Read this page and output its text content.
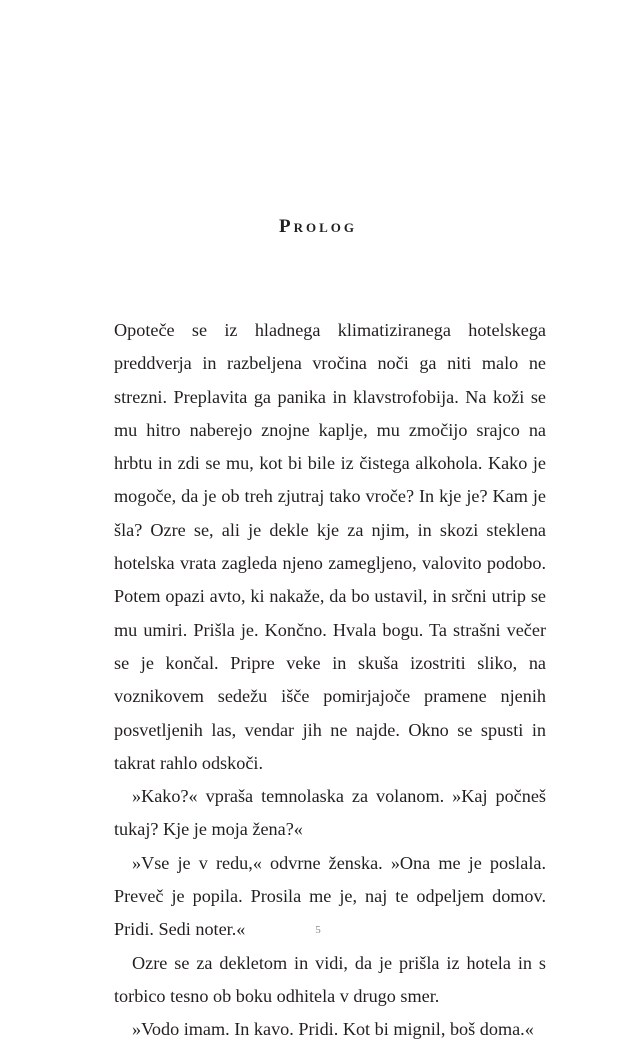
Prolog

Opoteče se iz hladnega klimatiziranega hotelskega preddverja in razbeljena vročina noči ga niti malo ne strezni. Preplavita ga panika in klavstrofobija. Na koži se mu hitro naberejo znojne kaplje, mu zmočijo srajco na hrbtu in zdi se mu, kot bi bile iz čistega alkohola. Kako je mogoče, da je ob treh zjutraj tako vroče? In kje je? Kam je šla? Ozre se, ali je dekle kje za njim, in skozi steklena hotelska vrata zagleda njeno zamegljeno, valovito podobo. Potem opazi avto, ki nakaže, da bo ustavil, in srčni utrip se mu umiri. Prišla je. Končno. Hvala bogu. Ta strašni večer se je končal. Pripre veke in skuša izostriti sliko, na voznikovem sedežu išče pomirjajoče pramene njenih posvetljenih las, vendar jih ne najde. Okno se spusti in takrat rahlo odskoči.

»Kako?« vpraša temnolaska za volanom. »Kaj počneš tukaj? Kje je moja žena?«

»Vse je v redu,« odvrne ženska. »Ona me je poslala. Preveč je popila. Prosila me je, naj te odpeljem domov. Pridi. Sedi noter.«

Ozre se za dekletom in vidi, da je prišla iz hotela in s torbico tesno ob boku odhitela v drugo smer.

»Vodo imam. In kavo. Pridi. Kot bi mignil, boš doma.«

5
